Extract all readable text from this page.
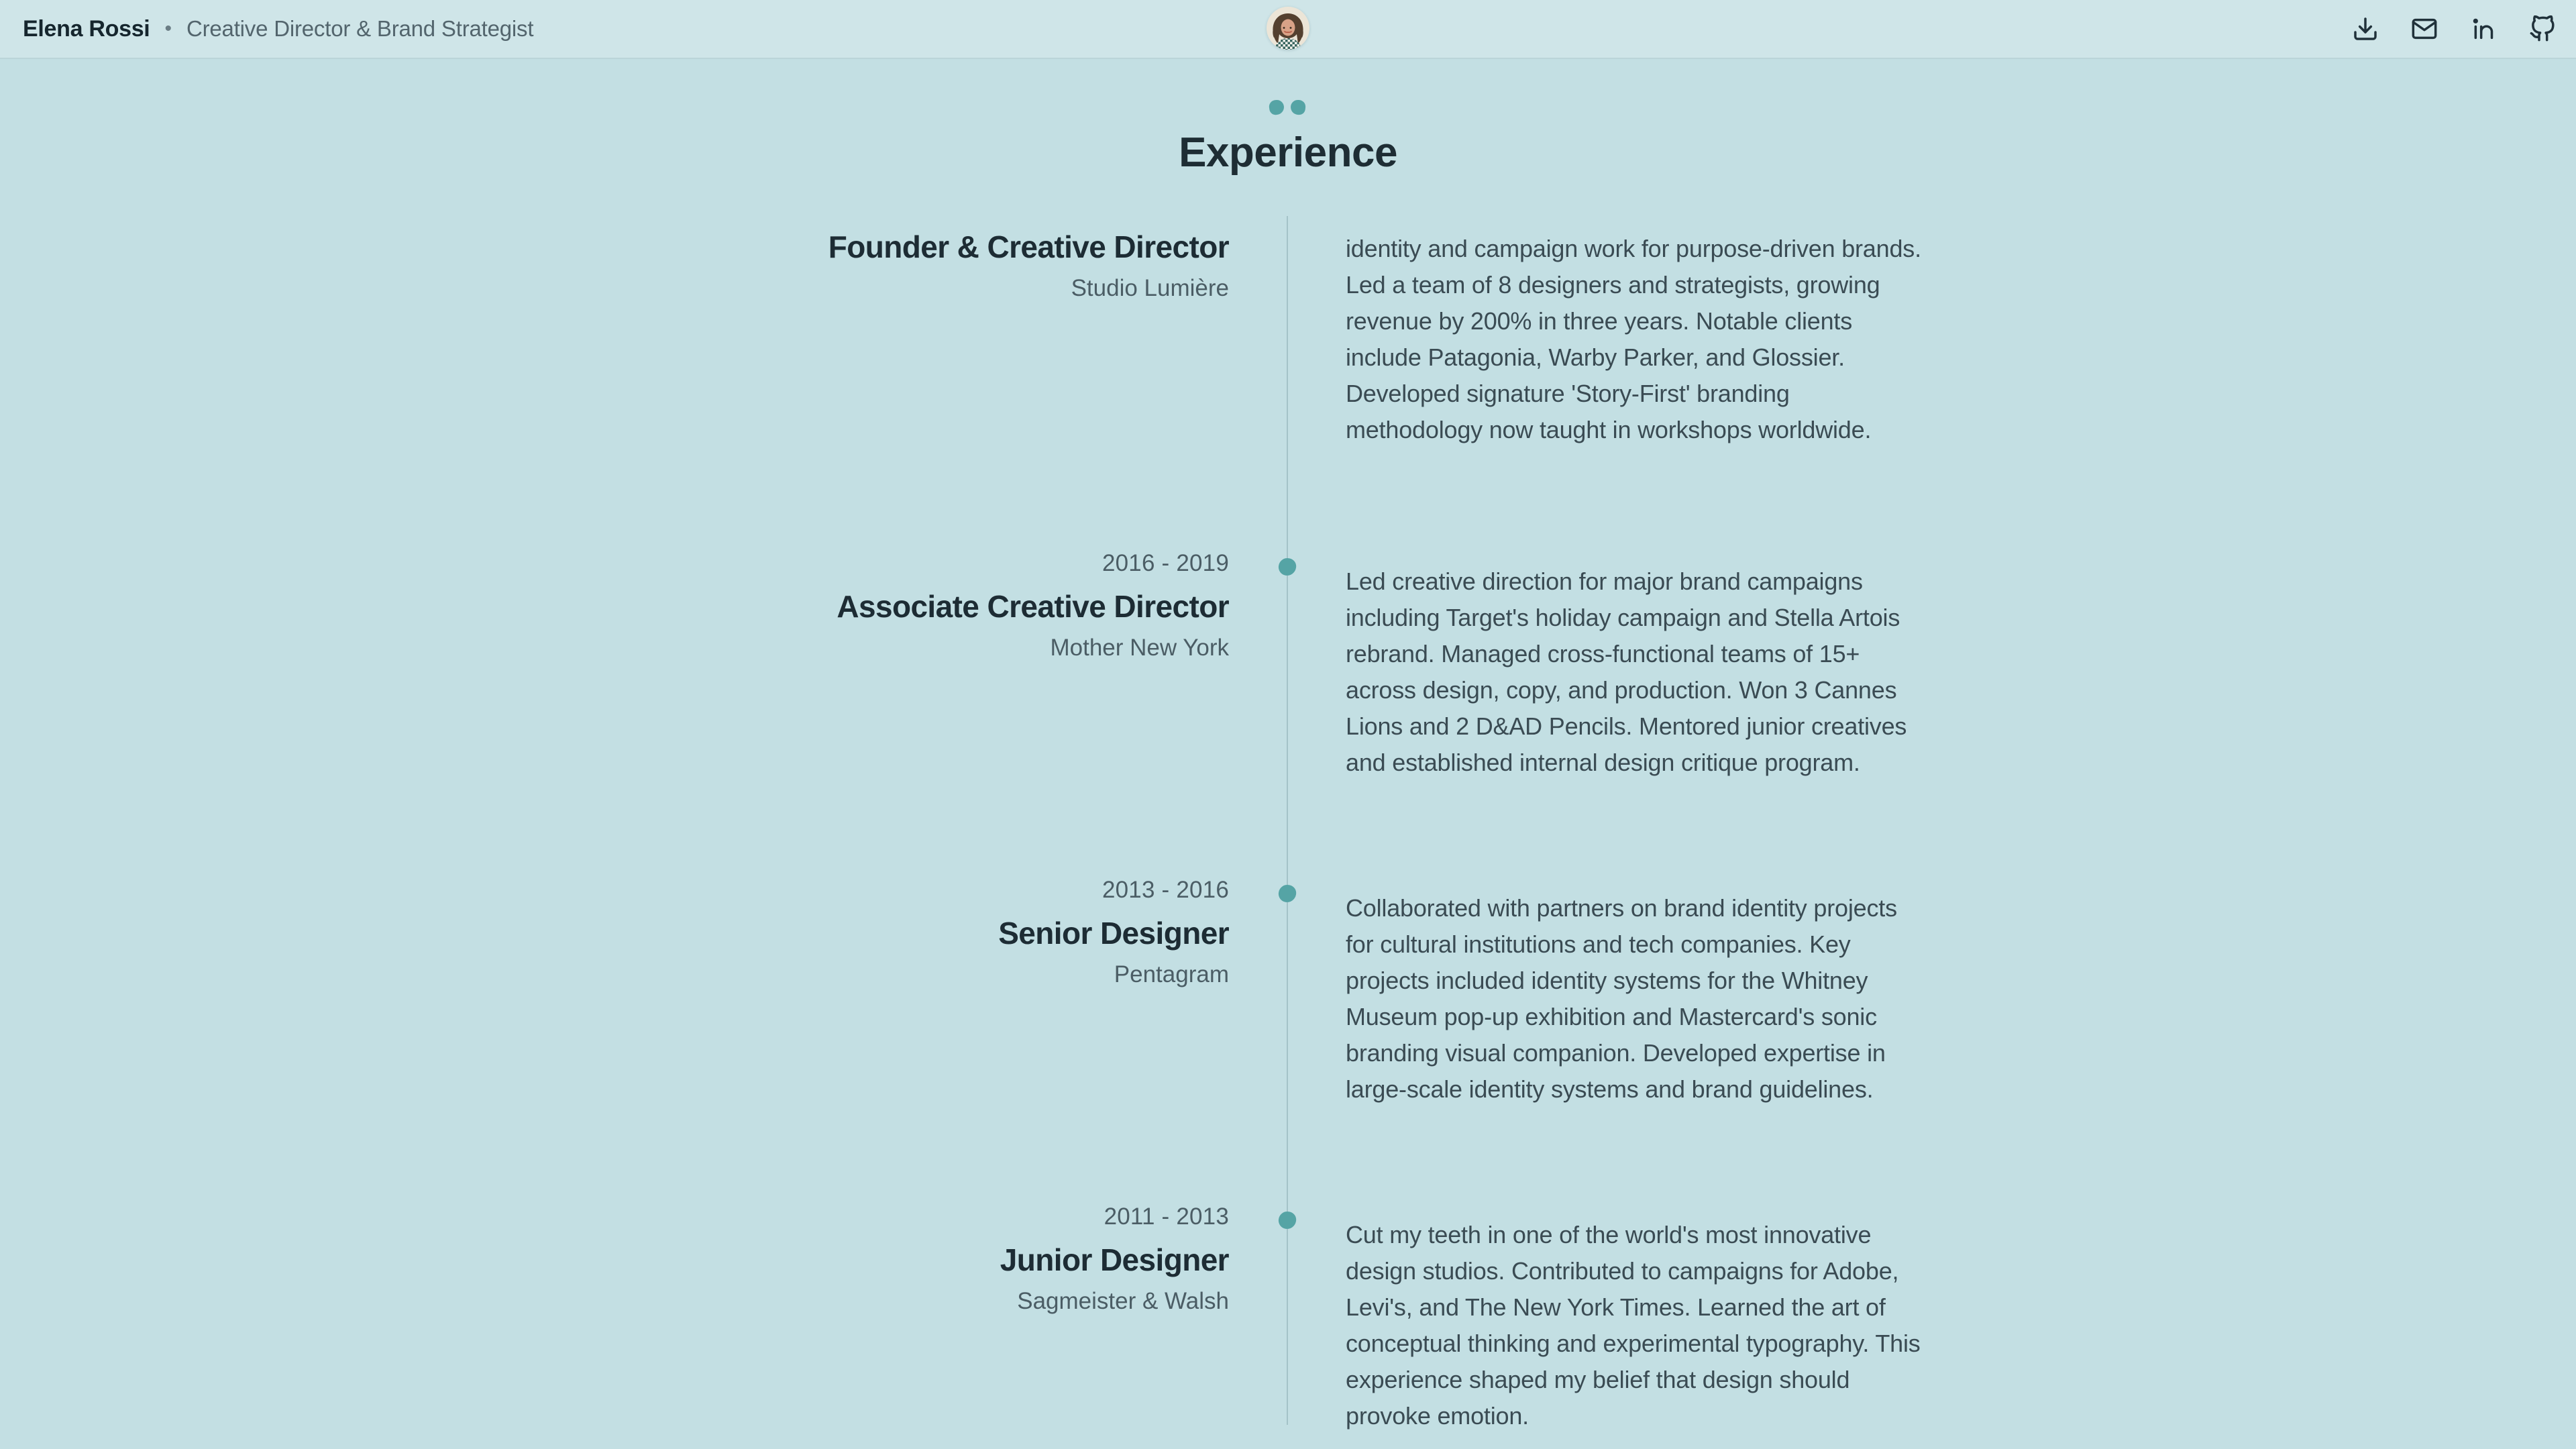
Elena Rossi • Creative Director & Brand Strategist
Experience
Founder & Creative Director
Studio Lumière
identity and campaign work for purpose-driven brands. Led a team of 8 designers and strategists, growing revenue by 200% in three years. Notable clients include Patagonia, Warby Parker, and Glossier. Developed signature 'Story-First' branding methodology now taught in workshops worldwide.
2016 - 2019
Associate Creative Director
Mother New York
Led creative direction for major brand campaigns including Target's holiday campaign and Stella Artois rebrand. Managed cross-functional teams of 15+ across design, copy, and production. Won 3 Cannes Lions and 2 D&AD Pencils. Mentored junior creatives and established internal design critique program.
2013 - 2016
Senior Designer
Pentagram
Collaborated with partners on brand identity projects for cultural institutions and tech companies. Key projects included identity systems for the Whitney Museum pop-up exhibition and Mastercard's sonic branding visual companion. Developed expertise in large-scale identity systems and brand guidelines.
2011 - 2013
Junior Designer
Sagmeister & Walsh
Cut my teeth in one of the world's most innovative design studios. Contributed to campaigns for Adobe, Levi's, and The New York Times. Learned the art of conceptual thinking and experimental typography. This experience shaped my belief that design should provoke emotion.
